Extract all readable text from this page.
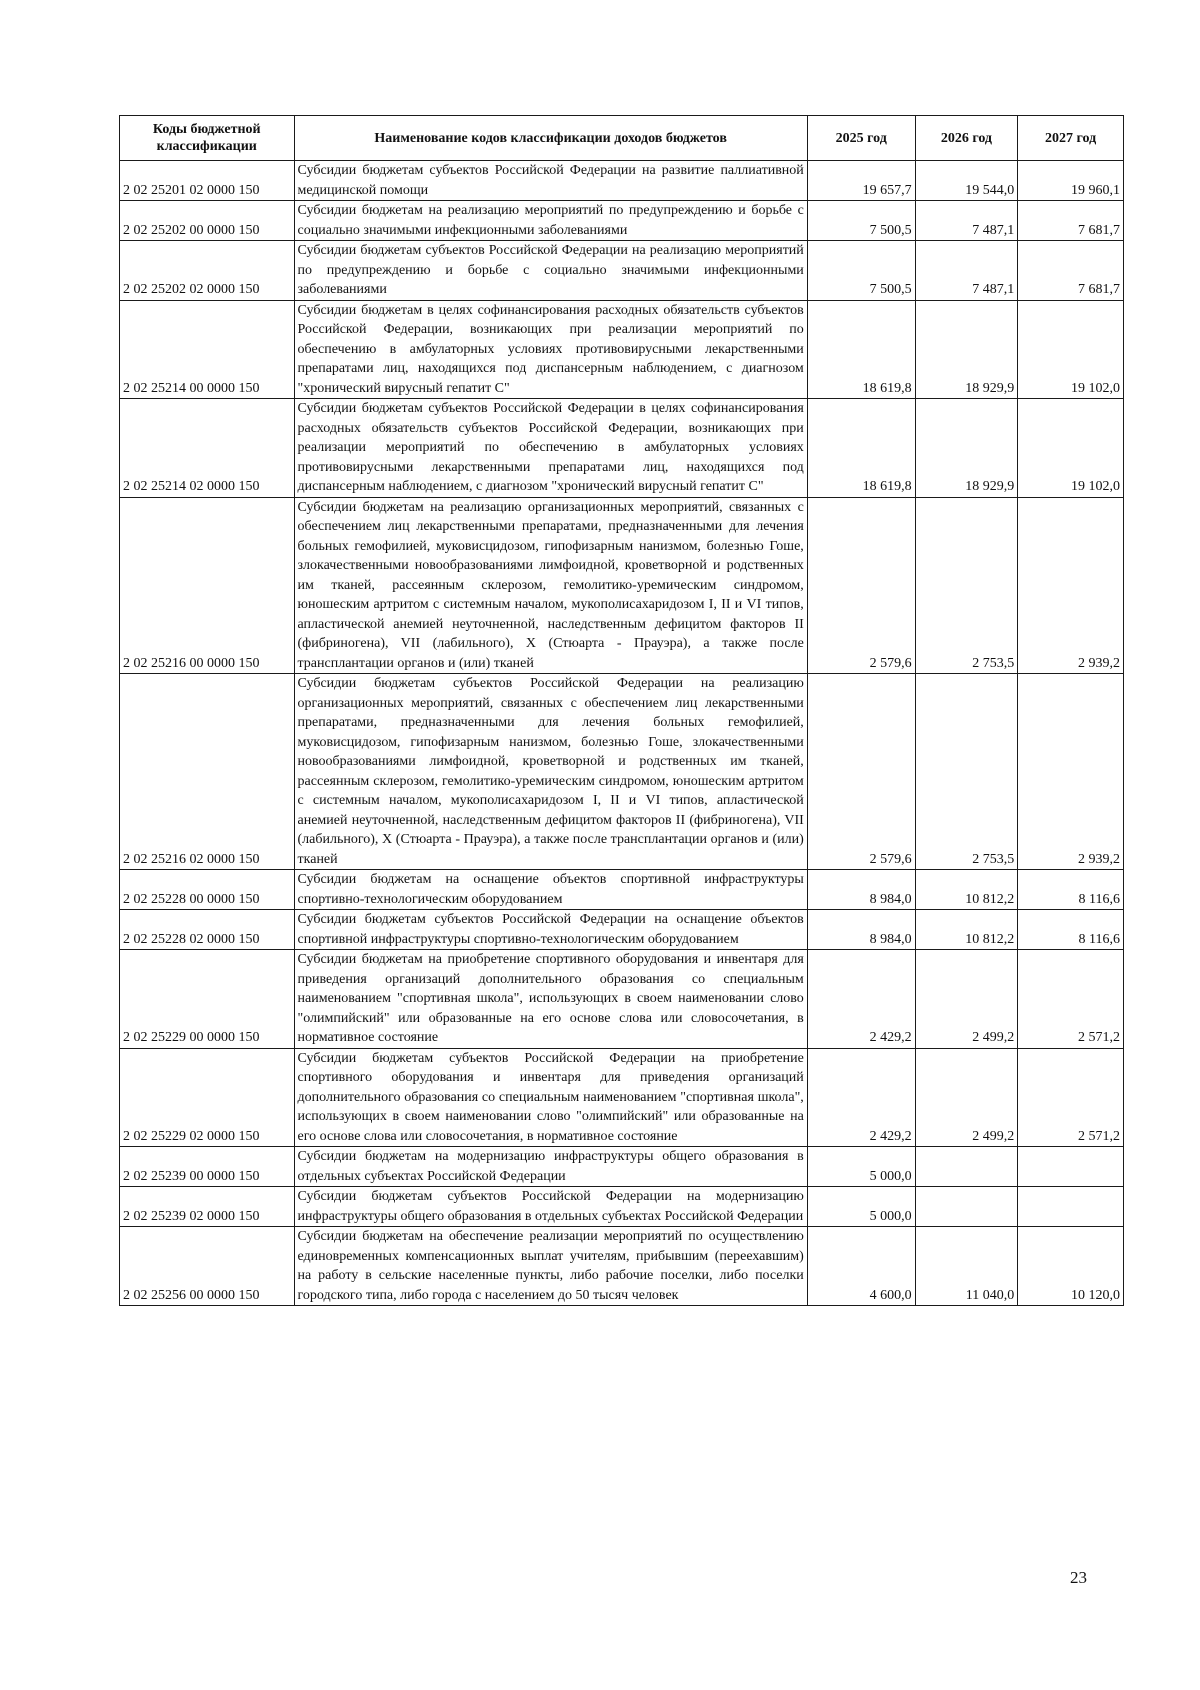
Коды бюджетной классификации	Наименование кодов классификации доходов бюджетов	2025 год	2026 год	2027 год
2 02 25201 02 0000 150	Субсидии бюджетам субъектов Российской Федерации на развитие паллиативной медицинской помощи	19 657,7	19 544,0	19 960,1
2 02 25202 00 0000 150	Субсидии бюджетам на реализацию мероприятий по предупреждению и борьбе с социально значимыми инфекционными заболеваниями	7 500,5	7 487,1	7 681,7
2 02 25202 02 0000 150	Субсидии бюджетам субъектов Российской Федерации на реализацию мероприятий по предупреждению и борьбе с социально значимыми инфекционными заболеваниями	7 500,5	7 487,1	7 681,7
2 02 25214 00 0000 150	Субсидии бюджетам в целях софинансирования расходных обязательств субъектов Российской Федерации, возникающих при реализации мероприятий по обеспечению в амбулаторных условиях противовирусными лекарственными препаратами лиц, находящихся под диспансерным наблюдением, с диагнозом "хронический вирусный гепатит С"	18 619,8	18 929,9	19 102,0
2 02 25214 02 0000 150	Субсидии бюджетам субъектов Российской Федерации в целях софинансирования расходных обязательств субъектов Российской Федерации, возникающих при реализации мероприятий по обеспечению в амбулаторных условиях противовирусными лекарственными препаратами лиц, находящихся под диспансерным наблюдением, с диагнозом "хронический вирусный гепатит С"	18 619,8	18 929,9	19 102,0
2 02 25216 00 0000 150	Субсидии бюджетам на реализацию организационных мероприятий, связанных с обеспечением лиц лекарственными препаратами, предназначенными для лечения больных гемофилией, муковисцидозом, гипофизарным нанизмом, болезнью Гоше, злокачественными новообразованиями лимфоидной, кроветворной и родственных им тканей, рассеянным склерозом, гемолитико-уремическим синдромом, юношеским артритом с системным началом, мукополисахаридозом I, II и VI типов, апластической анемией неуточненной, наследственным дефицитом факторов II (фибриногена), VII (лабильного), X (Стюарта - Прауэра), а также после трансплантации органов и (или) тканей	2 579,6	2 753,5	2 939,2
2 02 25216 02 0000 150	Субсидии бюджетам субъектов Российской Федерации на реализацию организационных мероприятий, связанных с обеспечением лиц лекарственными препаратами, предназначенными для лечения больных гемофилией, муковисцидозом, гипофизарным нанизмом, болезнью Гоше, злокачественными новообразованиями лимфоидной, кроветворной и родственных им тканей, рассеянным склерозом, гемолитико-уремическим синдромом, юношеским артритом с системным началом, мукополисахаридозом I, II и VI типов, апластической анемией неуточненной, наследственным дефицитом факторов II (фибриногена), VII (лабильного), X (Стюарта - Прауэра), а также после трансплантации органов и (или) тканей	2 579,6	2 753,5	2 939,2
2 02 25228 00 0000 150	Субсидии бюджетам на оснащение объектов спортивной инфраструктуры спортивно-технологическим оборудованием	8 984,0	10 812,2	8 116,6
2 02 25228 02 0000 150	Субсидии бюджетам субъектов Российской Федерации на оснащение объектов спортивной инфраструктуры спортивно-технологическим оборудованием	8 984,0	10 812,2	8 116,6
2 02 25229 00 0000 150	Субсидии бюджетам на приобретение спортивного оборудования и инвентаря для приведения организаций дополнительного образования со специальным наименованием "спортивная школа", использующих в своем наименовании слово "олимпийский" или образованные на его основе слова или словосочетания, в нормативное состояние	2 429,2	2 499,2	2 571,2
2 02 25229 02 0000 150	Субсидии бюджетам субъектов Российской Федерации на приобретение спортивного оборудования и инвентаря для приведения организаций дополнительного образования со специальным наименованием "спортивная школа", использующих в своем наименовании слово "олимпийский" или образованные на его основе слова или словосочетания, в нормативное состояние	2 429,2	2 499,2	2 571,2
2 02 25239 00 0000 150	Субсидии бюджетам на модернизацию инфраструктуры общего образования в отдельных субъектах Российской Федерации	5 000,0		
2 02 25239 02 0000 150	Субсидии бюджетам субъектов Российской Федерации на модернизацию инфраструктуры общего образования в отдельных субъектах Российской Федерации	5 000,0		
2 02 25256 00 0000 150	Субсидии бюджетам на обеспечение реализации мероприятий по осуществлению единовременных компенсационных выплат учителям, прибывшим (переехавшим) на работу в сельские населенные пункты, либо рабочие поселки, либо поселки городского типа, либо города с населением до 50 тысяч человек	4 600,0	11 040,0	10 120,0
23
